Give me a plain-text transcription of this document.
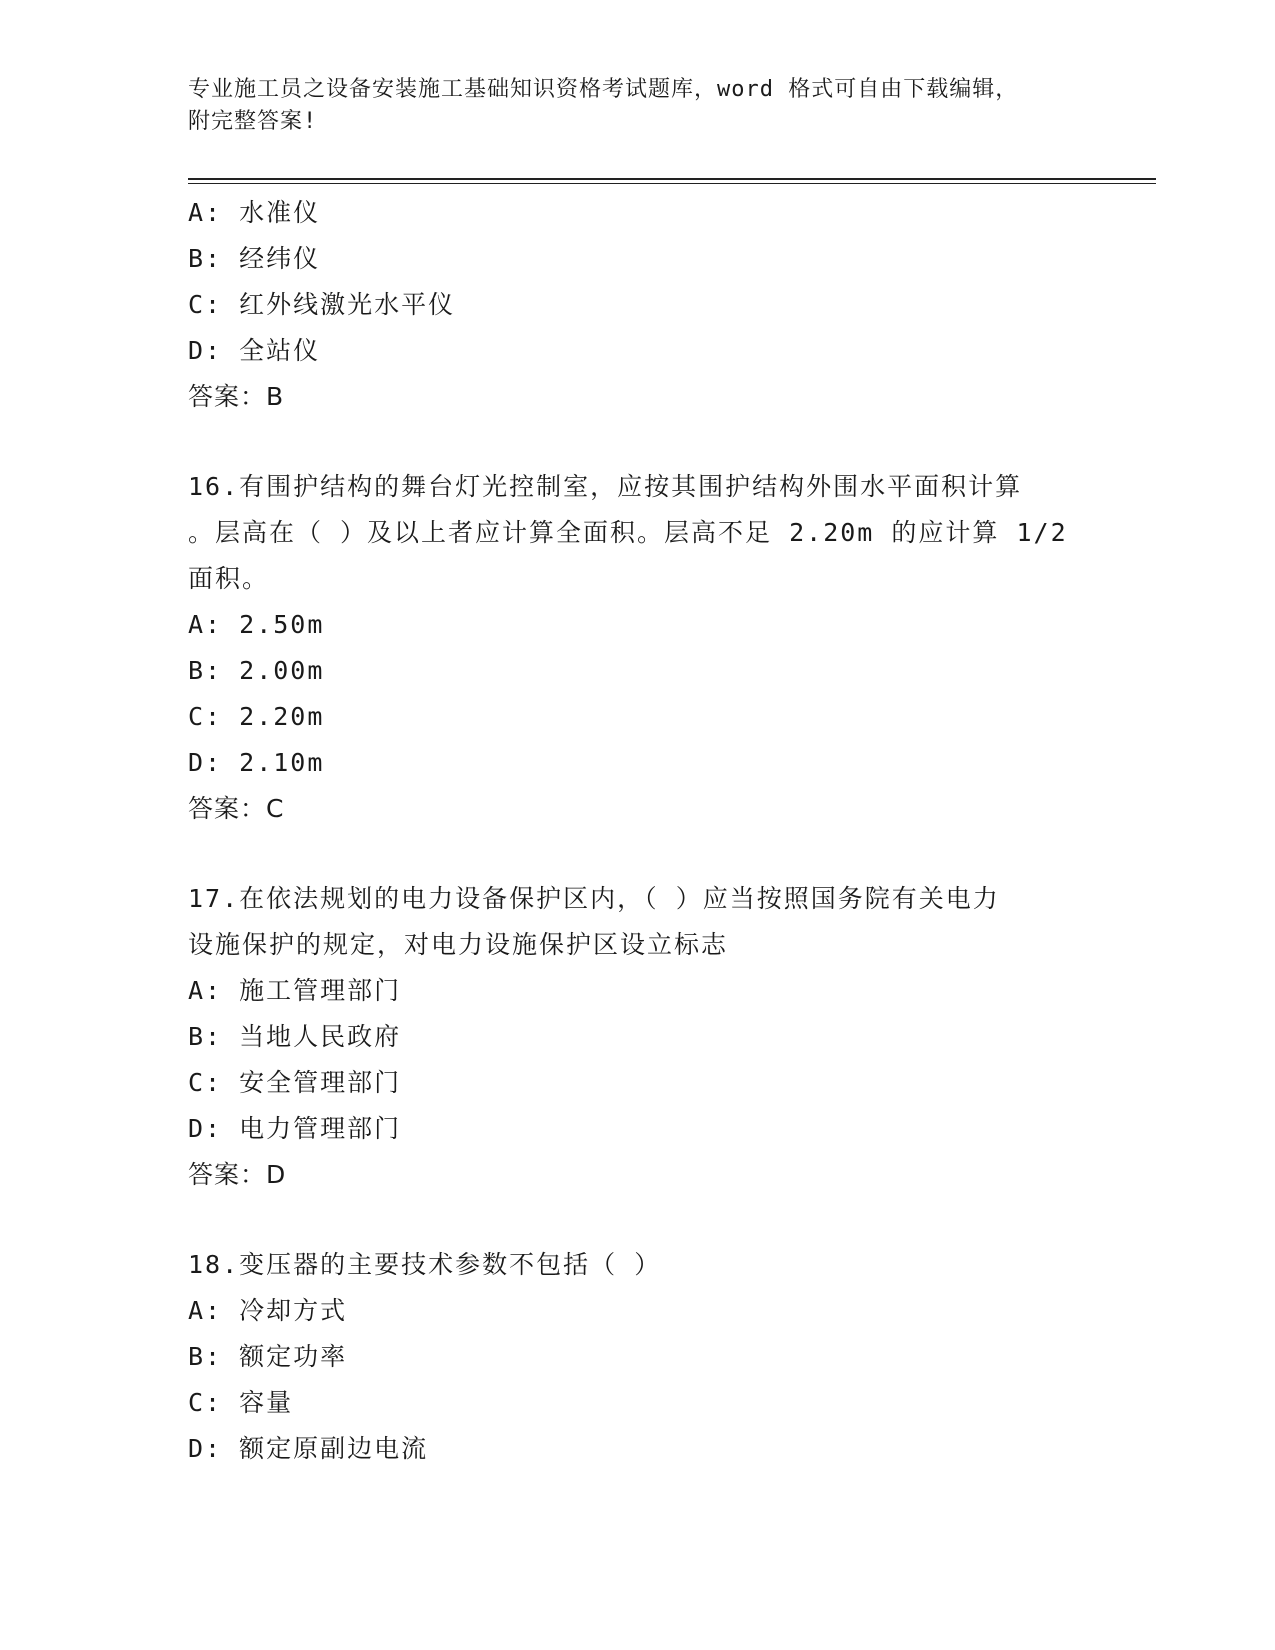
专业施工员之设备安装施工基础知识资格考试题库，word 格式可自由下载编辑，
附完整答案!
A: 水准仪
B: 经纬仪
C: 红外线激光水平仪
D: 全站仪
答案：B
16.有围护结构的舞台灯光控制室，应按其围护结构外围水平面积计算
。层高在（ ）及以上者应计算全面积。层高不足 2.20m 的应计算 1/2
面积。
A: 2.50m
B: 2.00m
C: 2.20m
D: 2.10m
答案：C
17.在依法规划的电力设备保护区内，（ ）应当按照国务院有关电力
设施保护的规定，对电力设施保护区设立标志
A: 施工管理部门
B: 当地人民政府
C: 安全管理部门
D: 电力管理部门
答案：D
18.变压器的主要技术参数不包括（ ）
A: 冷却方式
B: 额定功率
C: 容量
D: 额定原副边电流
